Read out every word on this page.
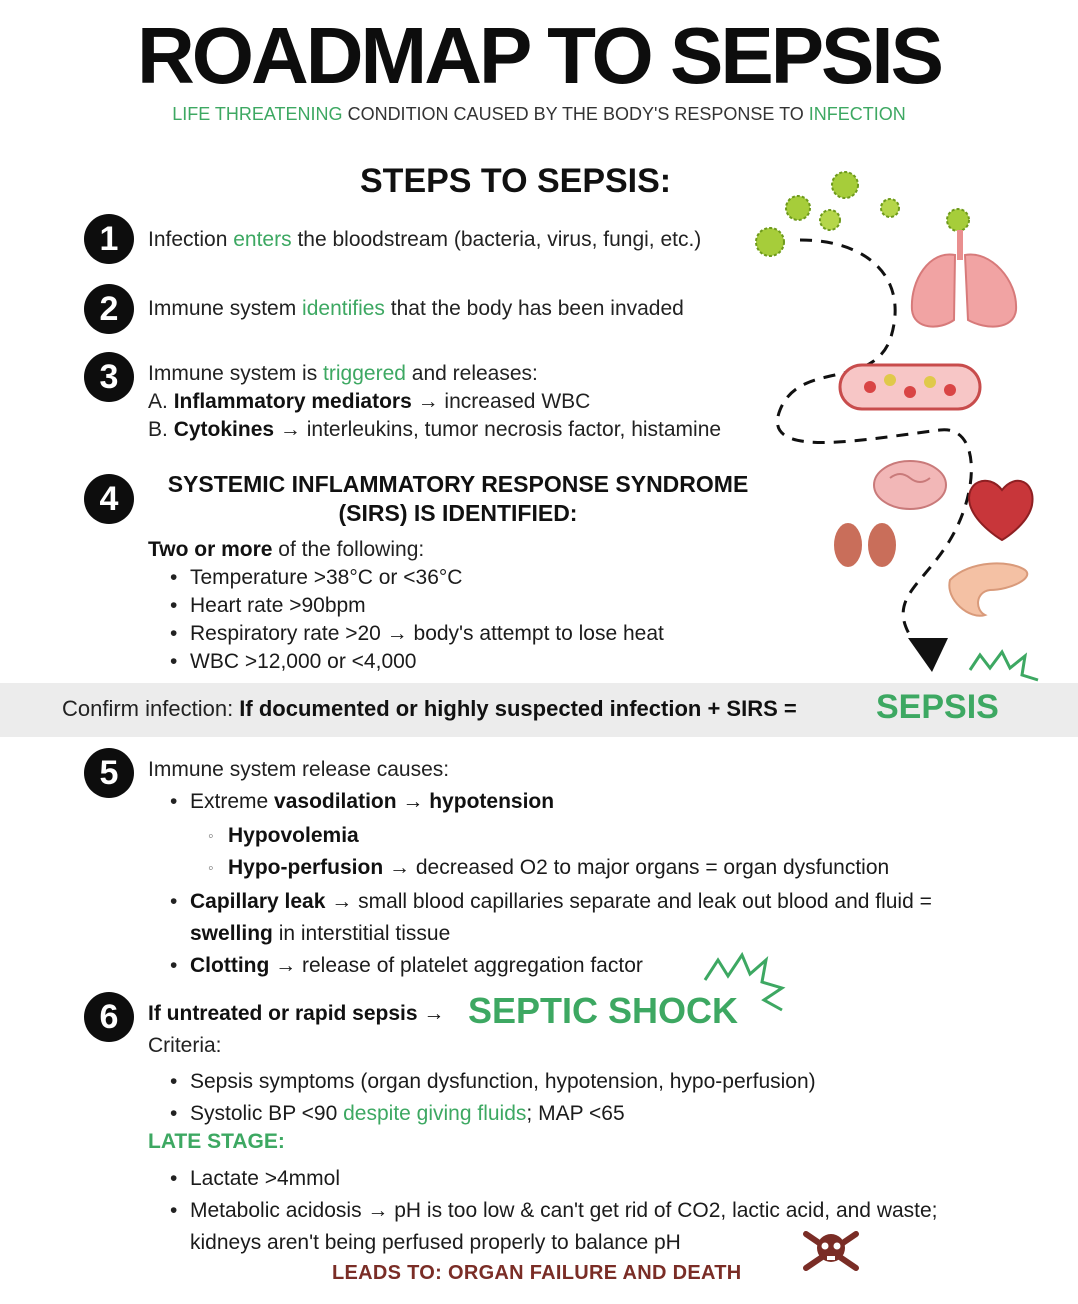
ROADMAP TO SEPSIS
LIFE THREATENING CONDITION CAUSED BY THE BODY'S RESPONSE TO INFECTION
STEPS TO SEPSIS:
1	Infection enters the bloodstream (bacteria, virus, fungi, etc.)
2	Immune system identifies that the body has been invaded
3	Immune system is triggered and releases:
A. Inflammatory mediators → increased WBC
B. Cytokines → interleukins, tumor necrosis factor, histamine
4	SYSTEMIC INFLAMMATORY RESPONSE SYNDROME
(SIRS) IS IDENTIFIED:
Two or more of the following:
• Temperature >38°C or <36°C
• Heart rate >90bpm
• Respiratory rate >20 → body's attempt to lose heat
• WBC >12,000 or <4,000
Confirm infection: If documented or highly suspected infection + SIRS = SEPSIS
5	Immune system release causes:
• Extreme vasodilation → hypotension
◦ Hypovolemia
◦ Hypo-perfusion → decreased O2 to major organs = organ dysfunction
• Capillary leak → small blood capillaries separate and leak out blood and fluid =
swelling in interstitial tissue
• Clotting → release of platelet aggregation factor
6	If untreated or rapid sepsis → SEPTIC SHOCK
Criteria:
• Sepsis symptoms (organ dysfunction, hypotension, hypo-perfusion)
• Systolic BP <90 despite giving fluids; MAP <65
LATE STAGE:
• Lactate >4mmol
• Metabolic acidosis → pH is too low & can't get rid of CO2, lactic acid, and waste;
kidneys aren't being perfused properly to balance pH
LEADS TO: ORGAN FAILURE AND DEATH
